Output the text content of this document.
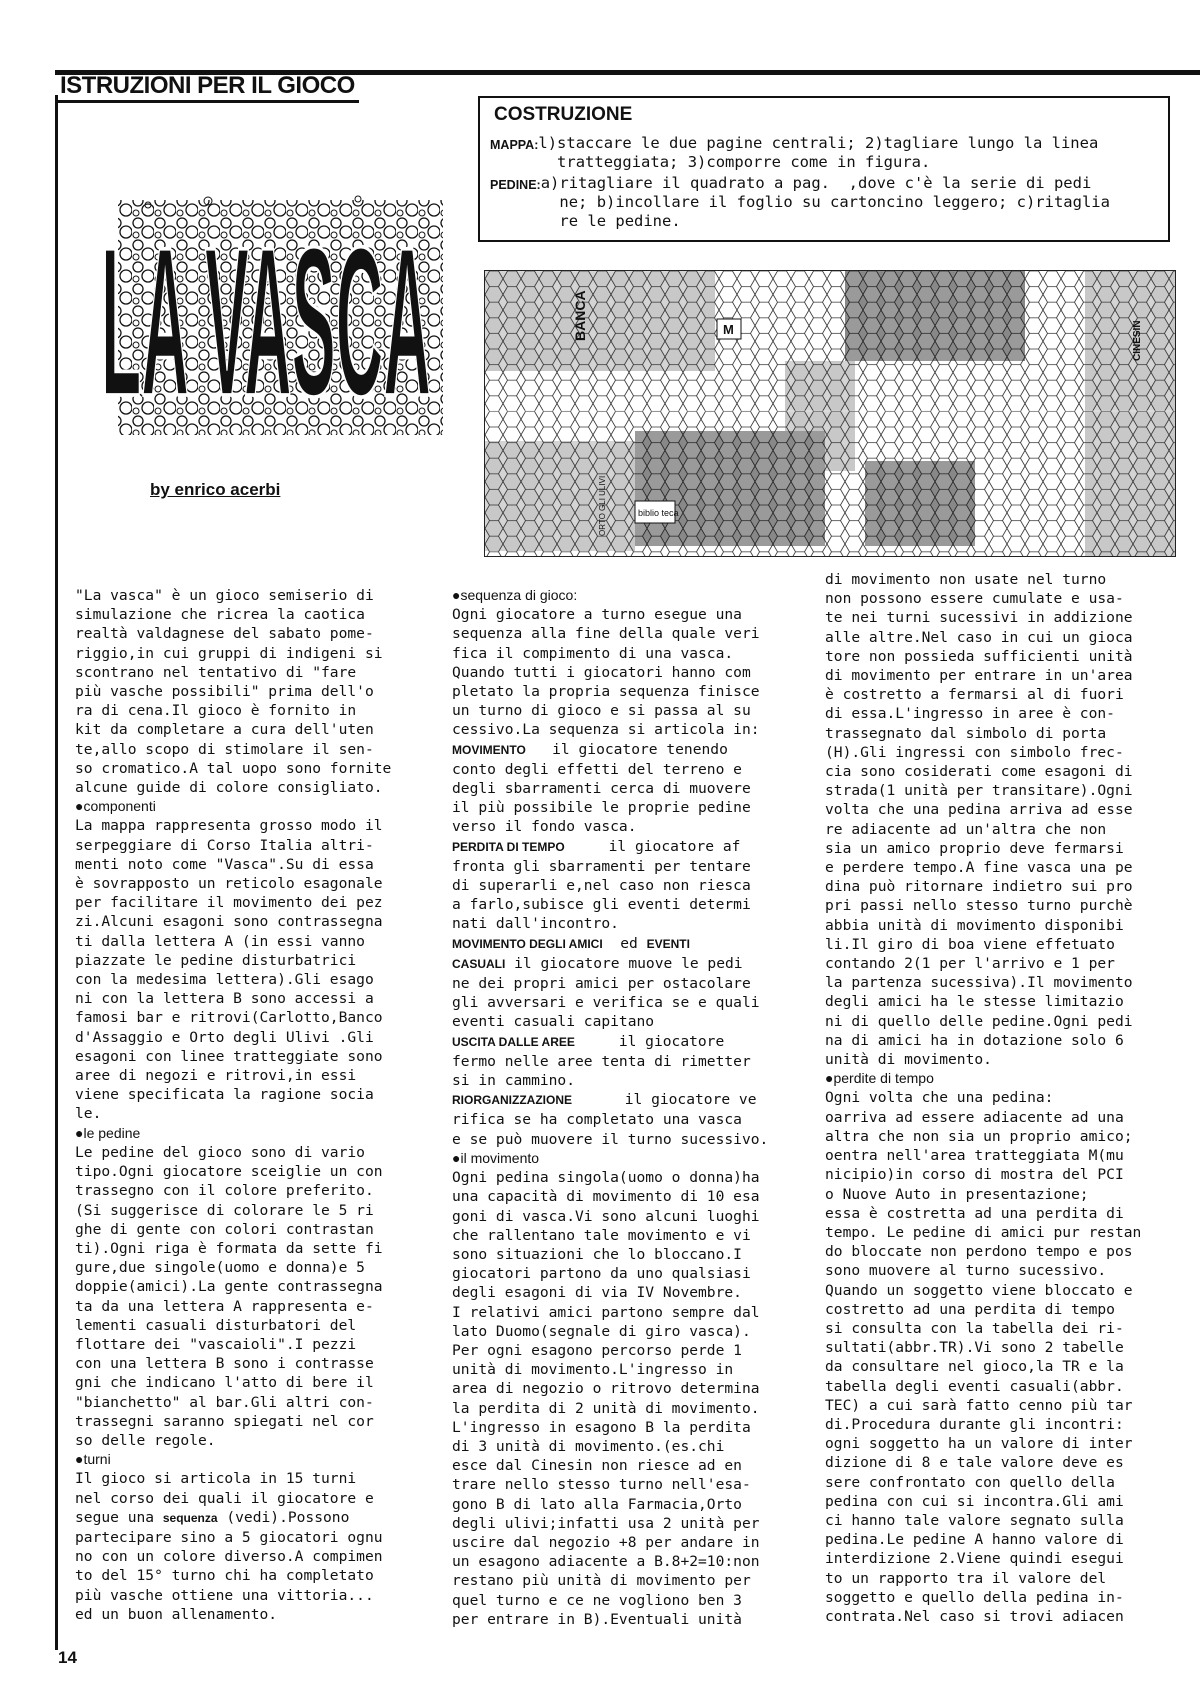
ISTRUZIONI PER IL GIOCO
COSTRUZIONE
MAPPA: l)staccare le due pagine centrali; 2)tagliare lungo la linea
tratteggiata; 3)comporre come in figura.
PEDINE: a)ritagliare il quadrato a pag.  ,dove c'è la serie di pedi
ne; b)incollare il foglio su cartoncino leggero; c)ritaglia
re le pedine.
LA VASCA
by enrico acerbi
BANCA	M
biblio teca
CINESIN
ORTO GLI ULIVI
"La vasca" è un gioco semiserio di
simulazione che ricrea la caotica
realtà valdagnese del sabato pome-
riggio,in cui gruppi di indigeni si
scontrano nel tentativo di "fare
più vasche possibili" prima dell'o
ra di cena.Il gioco è fornito in
kit da completare a cura dell'uten
te,allo scopo di stimolare il sen-
so cromatico.A tal uopo sono fornite
alcune guide di colore consigliato.
●componenti
La mappa rappresenta grosso modo il
serpeggiare di Corso Italia altri-
menti noto come "Vasca".Su di essa
è sovrapposto un reticolo esagonale
per facilitare il movimento dei pez
zi.Alcuni esagoni sono contrassegna
ti dalla lettera A (in essi vanno
piazzate le pedine disturbatrici
con la medesima lettera).Gli esago
ni con la lettera B sono accessi a
famosi bar e ritrovi(Carlotto,Banco
d'Assaggio e Orto degli Ulivi .Gli
esagoni con linee tratteggiate sono
aree di negozi e ritrovi,in essi
viene specificata la ragione socia
le.
●le pedine
Le pedine del gioco sono di vario
tipo.Ogni giocatore sceiglie un con
trassegno con il colore preferito.
(Si suggerisce di colorare le 5 ri
ghe di gente con colori contrastan
ti).Ogni riga è formata da sette fi
gure,due singole(uomo e donna)e 5
doppie(amici).La gente contrassegna
ta da una lettera A rappresenta e-
lementi casuali disturbatori del
flottare dei "vascaioli".I pezzi
con una lettera B sono i contrasse
gni che indicano l'atto di bere il
"bianchetto" al bar.Gli altri con-
trassegni saranno spiegati nel cor
so delle regole.
●turni
Il gioco si articola in 15 turni
nel corso dei quali il giocatore e
segue una sequenza (vedi).Possono
partecipare sino a 5 giocatori ognu
no con un colore diverso.A compimen
to del 15° turno chi ha completato
più vasche ottiene una vittoria...
ed un buon allenamento.
●sequenza di gioco:
Ogni giocatore a turno esegue una
sequenza alla fine della quale veri
fica il compimento di una vasca.
Quando tutti i giocatori hanno com
pletato la propria sequenza finisce
un turno di gioco e si passa al su
cessivo.La sequenza si articola in:
MOVIMENTO   il giocatore tenendo
conto degli effetti del terreno e
degli sbarramenti cerca di muovere
il più possibile le proprie pedine
verso il fondo vasca.
PERDITA DI TEMPO	il giocatore af
fronta gli sbarramenti per tentare
di superarli e,nel caso non riesca
a farlo,subisce gli eventi determi
nati dall'incontro.
MOVIMENTO DEGLI AMICI  ed EVENTI
CASUALI il giocatore muove le pedi
ne dei propri amici per ostacolare
gli avversari e verifica se e quali
eventi casuali capitano
USCITA DALLE AREE	il giocatore
fermo nelle aree tenta di rimetter
si in cammino.
RIORGANIZZAZIONE	il giocatore ve
rifica se ha completato una vasca
e se può muovere il turno sucessivo.
●il movimento
Ogni pedina singola(uomo o donna)ha
una capacità di movimento di 10 esa
goni di vasca.Vi sono alcuni luoghi
che rallentano tale movimento e vi
sono situazioni che lo bloccano.I
giocatori partono da uno qualsiasi
degli esagoni di via IV Novembre.
I relativi amici partono sempre dal
lato Duomo(segnale di giro vasca).
Per ogni esagono percorso perde 1
unità di movimento.L'ingresso in
area di negozio o ritrovo determina
la perdita di 2 unità di movimento.
L'ingresso in esagono B la perdita
di 3 unità di movimento.(es.chi
esce dal Cinesin non riesce ad en
trare nello stesso turno nell'esa-
gono B di lato alla Farmacia,Orto
degli ulivi;infatti usa 2 unità per
uscire dal negozio +8 per andare in
un esagono adiacente a B.8+2=10:non
restano più unità di movimento per
quel turno e ce ne vogliono ben 3
per entrare in B).Eventuali unità
di movimento non usate nel turno
non possono essere cumulate e usa-
te nei turni sucessivi in addizione
alle altre.Nel caso in cui un gioca
tore non possieda sufficienti unità
di movimento per entrare in un'area
è costretto a fermarsi al di fuori
di essa.L'ingresso in aree è con-
trassegnato dal simbolo di porta
(H).Gli ingressi con simbolo frec-
cia sono cosiderati come esagoni di
strada(1 unità per transitare).Ogni
volta che una pedina arriva ad esse
re adiacente ad un'altra che non
sia un amico proprio deve fermarsi
e perdere tempo.A fine vasca una pe
dina può ritornare indietro sui pro
pri passi nello stesso turno purchè
abbia unità di movimento disponibi
li.Il giro di boa viene effetuato
contando 2(1 per l'arrivo e 1 per
la partenza sucessiva).Il movimento
degli amici ha le stesse limitazio
ni di quello delle pedine.Ogni pedi
na di amici ha in dotazione solo 6
unità di movimento.
●perdite di tempo
Ogni volta che una pedina:
oarriva ad essere adiacente ad una
altra che non sia un proprio amico;
oentra nell'area tratteggiata M(mu
nicipio)in corso di mostra del PCI
o Nuove Auto in presentazione;
essa è costretta ad una perdita di
tempo. Le pedine di amici pur restan
do bloccate non perdono tempo e pos
sono muovere al turno sucessivo.
Quando un soggetto viene bloccato e
costretto ad una perdita di tempo
si consulta con la tabella dei ri-
sultati(abbr.TR).Vi sono 2 tabelle
da consultare nel gioco,la TR e la
tabella degli eventi casuali(abbr.
TEC) a cui sarà fatto cenno più tar
di.Procedura durante gli incontri:
ogni soggetto ha un valore di inter
dizione di 8 e tale valore deve es
sere confrontato con quello della
pedina con cui si incontra.Gli ami
ci hanno tale valore segnato sulla
pedina.Le pedine A hanno valore di
interdizione 2.Viene quindi esegui
to un rapporto tra il valore del
soggetto e quello della pedina in-
contrata.Nel caso si trovi adiacen
14
